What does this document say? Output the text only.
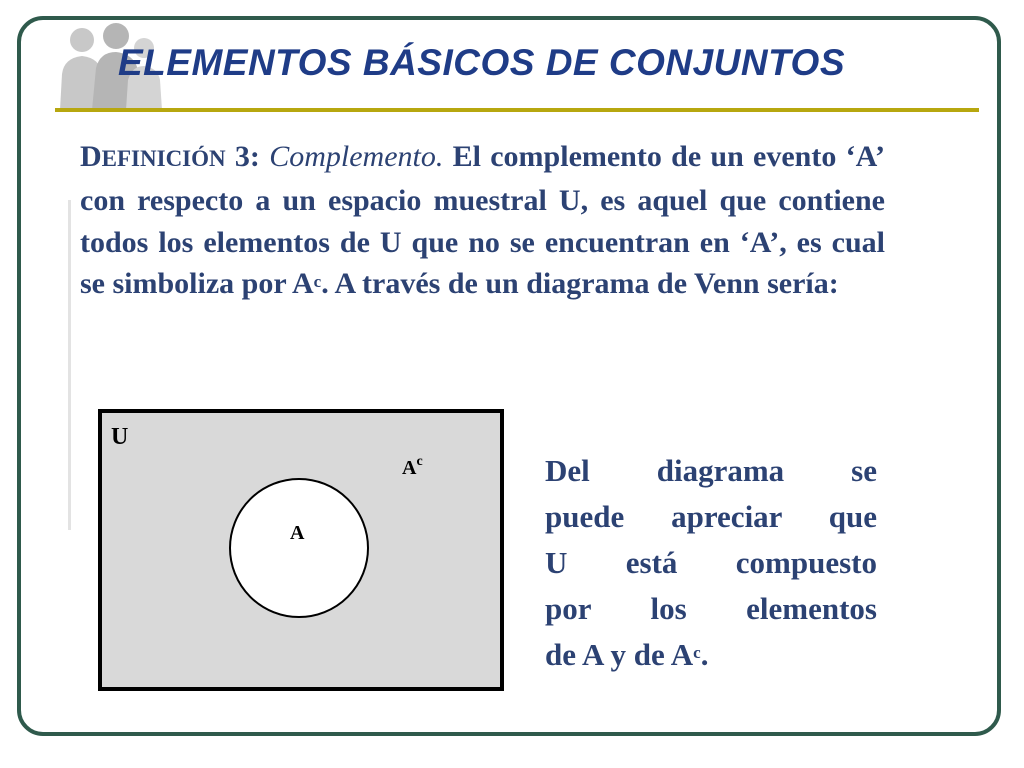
ELEMENTOS BÁSICOS DE CONJUNTOS
DEFINICIÓN 3: Complemento. El complemento de un evento ‘A’ con respecto a un espacio muestral U, es aquel que contiene todos los elementos de U que no se encuentran en ‘A’, es cual se simboliza por $A^c$. A través de un diagrama de Venn sería:
U
A
$A^c$	Del diagrama se
puede apreciar que
U está compuesto
por los elementos
de A y de $A^c$.
